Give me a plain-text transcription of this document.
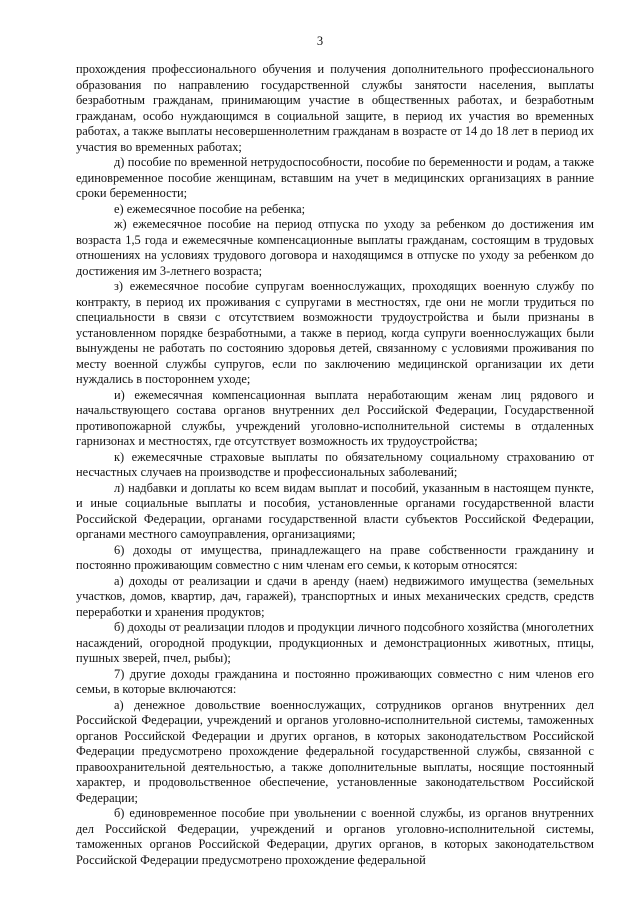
3

прохождения профессионального обучения и получения дополнительного профессионального образования по направлению государственной службы занятости населения, выплаты безработным гражданам, принимающим участие в общественных работах, и безработным гражданам, особо нуждающимся в социальной защите, в период их участия во временных работах, а также выплаты несовершеннолетним гражданам в возрасте от 14 до 18 лет в период их участия во временных работах;

д) пособие по временной нетрудоспособности, пособие по беременности и родам, а также единовременное пособие женщинам, вставшим на учет в медицинских организациях в ранние сроки беременности;

е) ежемесячное пособие на ребенка;

ж) ежемесячное пособие на период отпуска по уходу за ребенком до достижения им возраста 1,5 года и ежемесячные компенсационные выплаты гражданам, состоящим в трудовых отношениях на условиях трудового договора и находящимся в отпуске по уходу за ребенком до достижения им 3-летнего возраста;

з) ежемесячное пособие супругам военнослужащих, проходящих военную службу по контракту, в период их проживания с супругами в местностях, где они не могли трудиться по специальности в связи с отсутствием возможности трудоустройства и были признаны в установленном порядке безработными, а также в период, когда супруги военнослужащих были вынуждены не работать по состоянию здоровья детей, связанному с условиями проживания по месту военной службы супругов, если по заключению медицинской организации их дети нуждались в постороннем уходе;

и) ежемесячная компенсационная выплата неработающим женам лиц рядового и начальствующего состава органов внутренних дел Российской Федерации, Государственной противопожарной службы, учреждений уголовно-исполнительной системы в отдаленных гарнизонах и местностях, где отсутствует возможность их трудоустройства;

к) ежемесячные страховые выплаты по обязательному социальному страхованию от несчастных случаев на производстве и профессиональных заболеваний;

л) надбавки и доплаты ко всем видам выплат и пособий, указанным в настоящем пункте, и иные социальные выплаты и пособия, установленные органами государственной власти Российской Федерации, органами государственной власти субъектов Российской Федерации, органами местного самоуправления, организациями;

6) доходы от имущества, принадлежащего на праве собственности гражданину и постоянно проживающим совместно с ним членам его семьи, к которым относятся:

а) доходы от реализации и сдачи в аренду (наем) недвижимого имущества (земельных участков, домов, квартир, дач, гаражей), транспортных и иных механических средств, средств переработки и хранения продуктов;

б) доходы от реализации плодов и продукции личного подсобного хозяйства (многолетних насаждений, огородной продукции, продукционных и демонстрационных животных, птицы, пушных зверей, пчел, рыбы);

7) другие доходы гражданина и постоянно проживающих совместно с ним членов его семьи, в которые включаются:

а) денежное довольствие военнослужащих, сотрудников органов внутренних дел Российской Федерации, учреждений и органов уголовно-исполнительной системы, таможенных органов Российской Федерации и других органов, в которых законодательством Российской Федерации предусмотрено прохождение федеральной государственной службы, связанной с правоохранительной деятельностью, а также дополнительные выплаты, носящие постоянный характер, и продовольственное обеспечение, установленные законодательством Российской Федерации;

б) единовременное пособие при увольнении с военной службы, из органов внутренних дел Российской Федерации, учреждений и органов уголовно-исполнительной системы, таможенных органов Российской Федерации, других органов, в которых законодательством Российской Федерации предусмотрено прохождение федеральной
